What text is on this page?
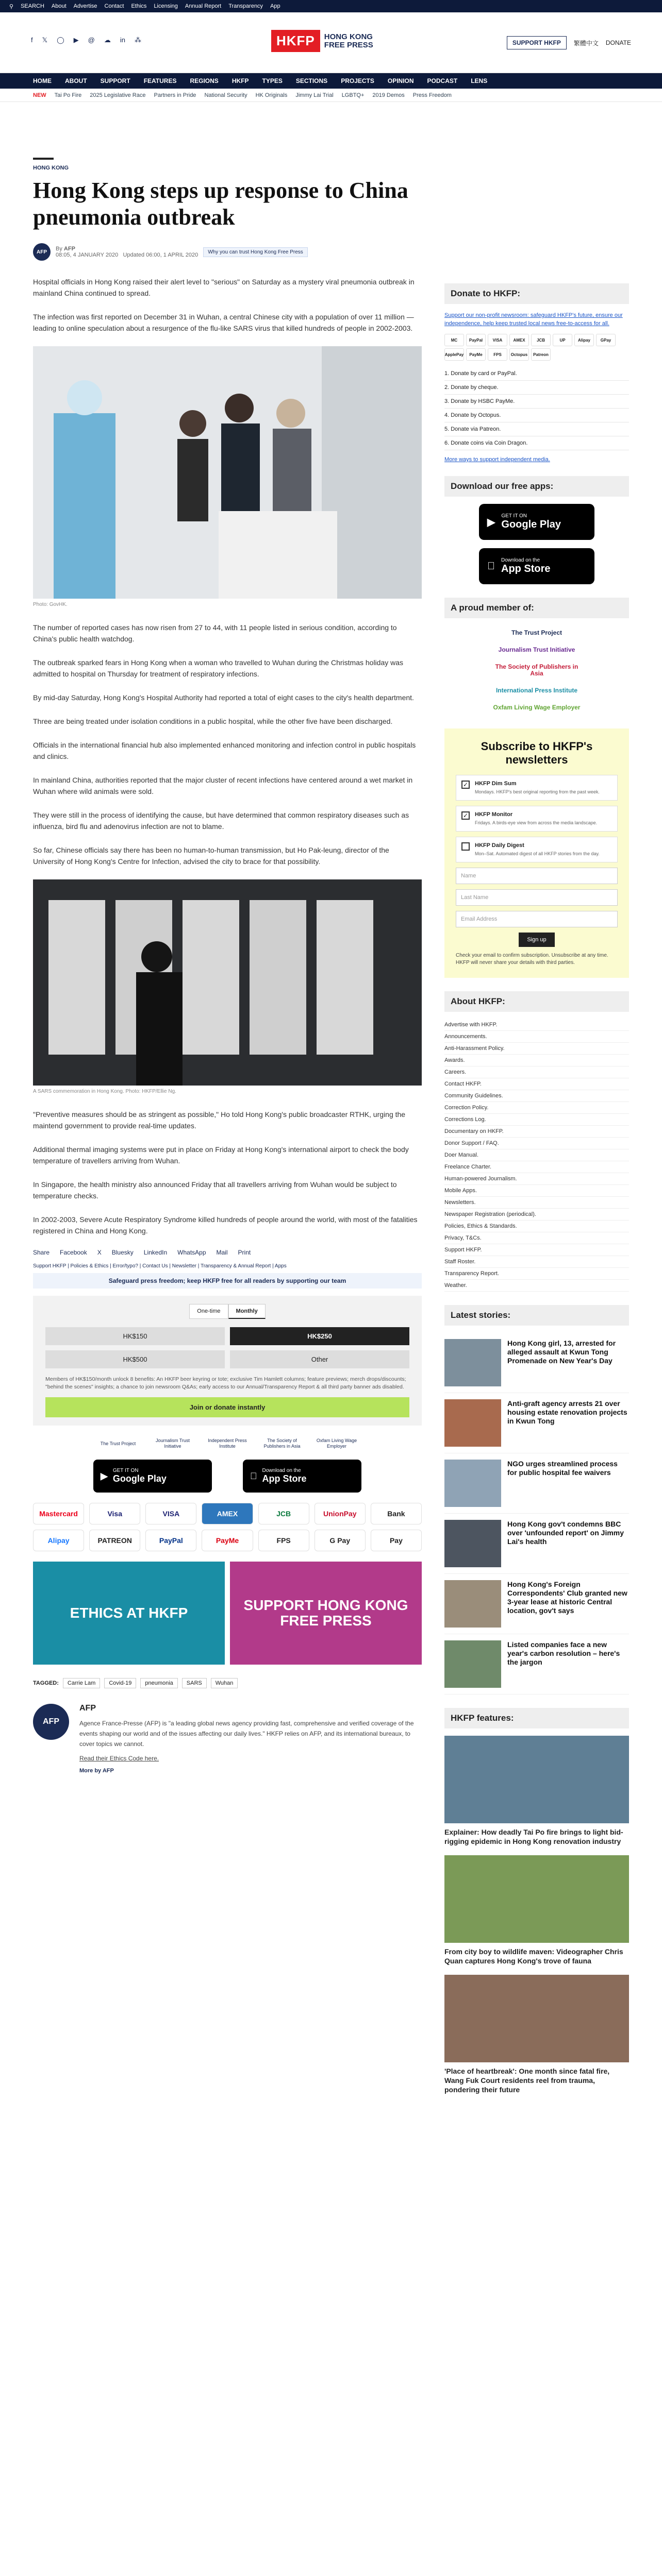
⚲ SEARCH About Advertise Contact Ethics Licensing Annual Report Transparency App
f 𝕏 ◯ ▶ @ ☁ in ⁂	HKFP	HONG KONG
FREE PRESS	SUPPORT HKFP	繁體中文 DONATE
HOME ABOUT SUPPORT FEATURES REGIONS HKFP TYPES SECTIONS PROJECTS OPINION PODCAST LENS
NEW Tai Po Fire 2025 Legislative Race Partners in Pride National Security HK Originals Jimmy Lai Trial LGBTQ+ 2019 Demos Press Freedom
HONG KONG
Hong Kong steps up response to China pneumonia outbreak
AFP	By AFP
08:05, 4 JANUARY 2020 Updated 06:00, 1 APRIL 2020	Why you can trust Hong Kong Free Press

Hospital officials in Hong Kong raised their alert level to "serious" on Saturday as a mystery viral pneumonia outbreak in mainland China continued to spread.

The infection was first reported on December 31 in Wuhan, a central Chinese city with a population of over 11 million — leading to online speculation about a resurgence of the flu-like SARS virus that killed hundreds of people in 2002-2003.

Photo: GovHK.

The number of reported cases has now risen from 27 to 44, with 11 people listed in serious condition, according to China's public health watchdog.

The outbreak sparked fears in Hong Kong when a woman who travelled to Wuhan during the Christmas holiday was admitted to hospital on Thursday for treatment of respiratory infections.

By mid-day Saturday, Hong Kong's Hospital Authority had reported a total of eight cases to the city's health department.

Three are being treated under isolation conditions in a public hospital, while the other five have been discharged.

Officials in the international financial hub also implemented enhanced monitoring and infection control in public hospitals and clinics.

In mainland China, authorities reported that the major cluster of recent infections have centered around a wet market in Wuhan where wild animals were sold.

They were still in the process of identifying the cause, but have determined that common respiratory diseases such as influenza, bird flu and adenovirus infection are not to blame.

So far, Chinese officials say there has been no human-to-human transmission, but Ho Pak-leung, director of the University of Hong Kong's Centre for Infection, advised the city to brace for that possibility.

A SARS commemoration in Hong Kong. Photo: HKFP/Ellie Ng.

"Preventive measures should be as stringent as possible," Ho told Hong Kong's public broadcaster RTHK, urging the maintend government to provide real-time updates.

Additional thermal imaging systems were put in place on Friday at Hong Kong's international airport to check the body temperature of travellers arriving from Wuhan.

In Singapore, the health ministry also announced Friday that all travellers arriving from Wuhan would be subject to temperature checks.

In 2002-2003, Severe Acute Respiratory Syndrome killed hundreds of people around the world, with most of the fatalities registered in China and Hong Kong.

Share Facebook X Bluesky LinkedIn WhatsApp Mail Print
Support HKFP | Policies & Ethics | Error/typo? | Contact Us | Newsletter | Transparency & Annual Report | Apps
Safeguard press freedom; keep HKFP free for all readers by supporting our team
One-time	Monthly
HK$150	HK$250
HK$500	Other
Members of HK$150/month unlock 8 benefits: An HKFP beer keyring or tote; exclusive Tim Hamlett columns; feature previews; merch drops/discounts; "behind the scenes" insights; a chance to join newsroom Q&As; early access to our Annual/Transparency Report & all third party banner ads disabled.
Join or donate instantly
The Trust Project
Journalism Trust Initiative
Independent Press Institute
The Society of Publishers in Asia
Oxfam Living Wage Employer
▶ GET IT ON
Google Play
Download on the
App Store
Mastercard	Visa	VISA	AMEX	JCB	UnionPay	Bank
Alipay	PATREON	PayPal	PayMe	FPS	G Pay	Pay
ETHICS AT HKFP	SUPPORT HONG KONG FREE PRESS
TAGGED:	Carrie Lam	Covid-19	pneumonia	SARS	Wuhan
AFP
AFP
Agence France-Presse (AFP) is "a leading global news agency providing fast, comprehensive and verified coverage of the events shaping our world and of the issues affecting our daily lives." HKFP relies on AFP, and its international bureaux, to cover topics we cannot.
Read their Ethics Code here.
More by AFP
Donate to HKFP:
Support our non-profit newsroom: safeguard HKFP's future, ensure our independence, help keep trusted local news free-to-access for all.
MC	PayPal	VISA	AMEX	JCB	UP	Alipay	GPay
ApplePay	PayMe	FPS	Octopus	Patreon
1. Donate by card or PayPal.
2. Donate by cheque.
3. Donate by HSBC PayMe.
4. Donate by Octopus.
5. Donate via Patreon.
6. Donate coins via Coin Dragon.
More ways to support independent media.
Download our free apps:
▶
GET IT ON
Google Play
Download on the
App Store
A proud member of:
The Trust Project
Journalism Trust Initiative
The Society of Publishers in Asia
International Press Institute
Oxfam Living Wage Employer
Subscribe to HKFP's newsletters
✓ HKFP Dim Sum
Mondays. HKFP's best original reporting from the past week.
✓ HKFP Monitor
Fridays. A birds-eye view from across the media landscape.
HKFP Daily Digest
Mon–Sat. Automated digest of all HKFP stories from the day.
Name
Last Name
Email Address
Sign up
Check your email to confirm subscription. Unsubscribe at any time. HKFP will never share your details with third parties.
About HKFP:
Advertise with HKFP.
Announcements.
Anti-Harassment Policy.
Awards.
Careers.
Contact HKFP.
Community Guidelines.
Correction Policy.
Corrections Log.
Documentary on HKFP.
Donor Support / FAQ.
Doer Manual.
Freelance Charter.
Human-powered Journalism.
Mobile Apps.
Newsletters.
Newspaper Registration (periodical).
Policies, Ethics & Standards.
Privacy, T&Cs.
Support HKFP.
Staff Roster.
Transparency Report.
Weather.
Latest stories:
Hong Kong girl, 13, arrested for alleged assault at Kwun Tong Promenade on New Year's Day
Anti-graft agency arrests 21 over housing estate renovation projects in Kwun Tong
NGO urges streamlined process for public hospital fee waivers
Hong Kong gov't condemns BBC over 'unfounded report' on Jimmy Lai's health
Hong Kong's Foreign Correspondents' Club granted new 3-year lease at historic Central location, gov't says
Listed companies face a new year's carbon resolution – here's the jargon
HKFP features:
Explainer: How deadly Tai Po fire brings to light bid-rigging epidemic in Hong Kong renovation industry
From city boy to wildlife maven: Videographer Chris Quan captures Hong Kong's trove of fauna
'Place of heartbreak': One month since fatal fire, Wang Fuk Court residents reel from trauma, pondering their future
